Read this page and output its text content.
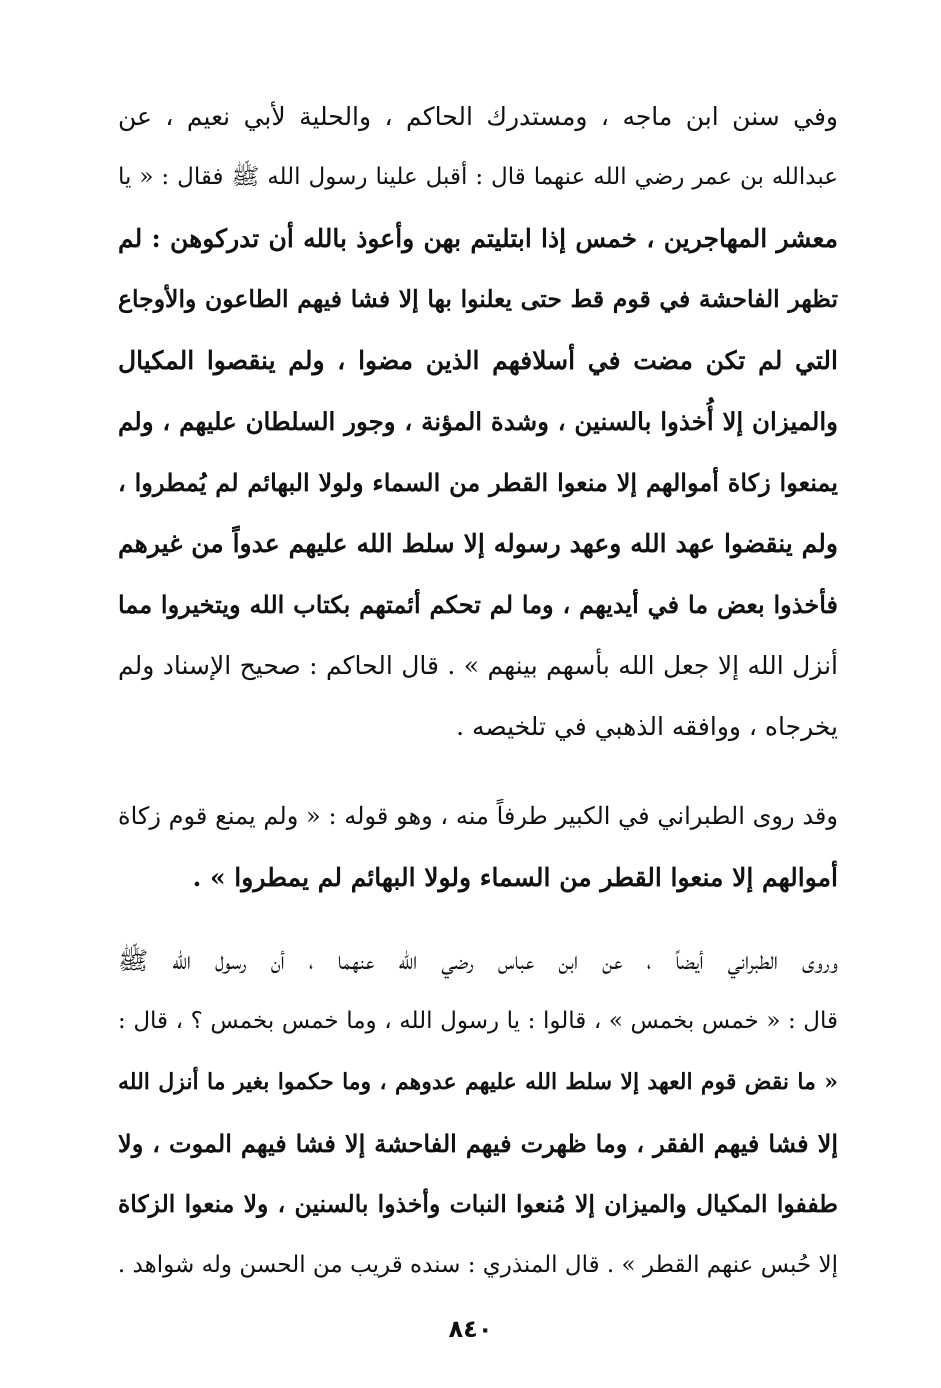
وفي سنن ابن ماجه ، ومستدرك الحاكم ، والحلية لأبي نعيم ، عن
عبدالله بن عمر رضي الله عنهما قال : أقبل علينا رسول الله ﷺ فقال : « يا
معشر المهاجرين ، خمس إذا ابتليتم بهن وأعوذ بالله أن تدركوهن : لم
تظهر الفاحشة في قوم قط حتى يعلنوا بها إلا فشا فيهم الطاعون والأوجاع
التي لم تكن مضت في أسلافهم الذين مضوا ، ولم ينقصوا المكيال
والميزان إلا أُخذوا بالسنين ، وشدة المؤنة ، وجور السلطان عليهم ، ولم
يمنعوا زكاة أموالهم إلا منعوا القطر من السماء ولولا البهائم لم يُمطروا ،
ولم ينقضوا عهد الله وعهد رسوله إلا سلط الله عليهم عدواً من غيرهم
فأخذوا بعض ما في أيديهم ، وما لم تحكم أئمتهم بكتاب الله ويتخيروا مما
أنزل الله إلا جعل الله بأسهم بينهم » . قال الحاكم : صحيح الإسناد ولم
يخرجاه ، ووافقه الذهبي في تلخيصه .
وقد روى الطبراني في الكبير طرفاً منه ، وهو قوله : « ولم يمنع قوم زكاة
أموالهم إلا منعوا القطر من السماء ولولا البهائم لم يمطروا » .
وروى الطبراني أيضاً ، عن ابن عباس رضي الله عنهما ، أن رسول الله ﷺ
قال : « خمس بخمس » ، قالوا : يا رسول الله ، وما خمس بخمس ؟ ، قال :
« ما نقض قوم العهد إلا سلط الله عليهم عدوهم ، وما حكموا بغير ما أنزل الله
إلا فشا فيهم الفقر ، وما ظهرت فيهم الفاحشة إلا فشا فيهم الموت ، ولا
طففوا المكيال والميزان إلا مُنعوا النبات وأخذوا بالسنين ، ولا منعوا الزكاة
إلا حُبس عنهم القطر » . قال المنذري : سنده قريب من الحسن وله شواهد .
٨٤٠
